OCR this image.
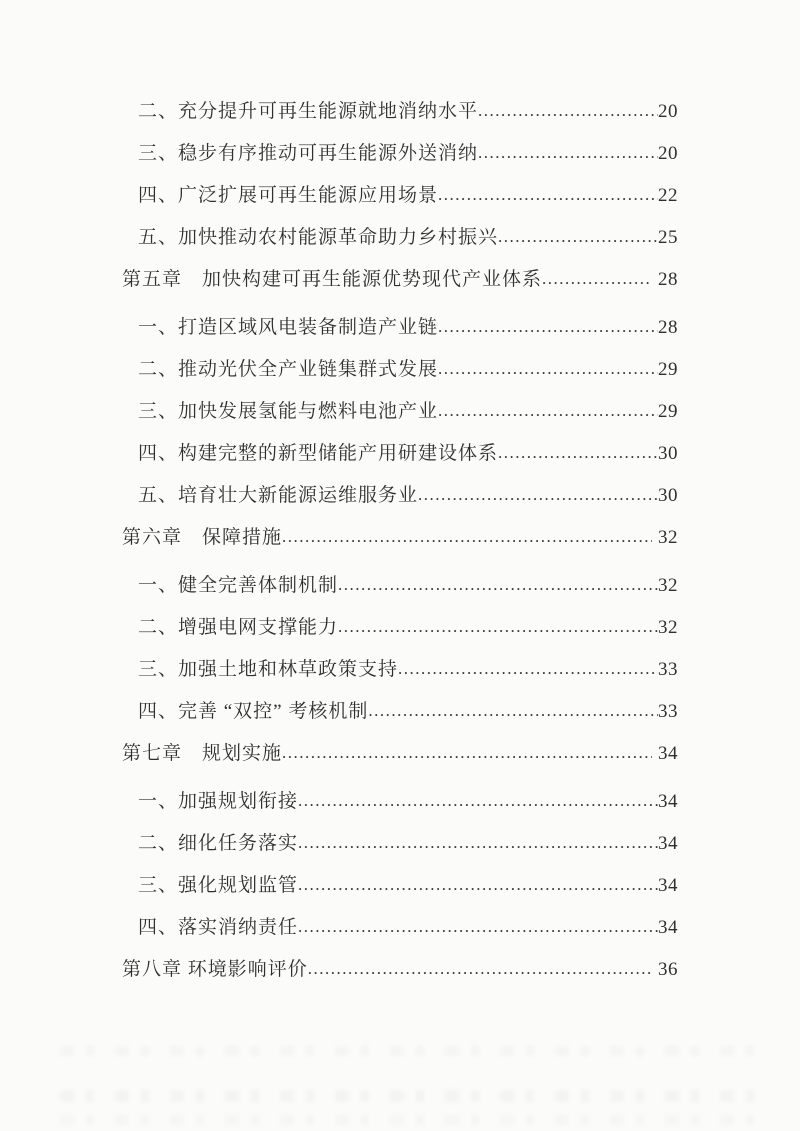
二、充分提升可再生能源就地消纳水平 .....	20
三、稳步有序推动可再生能源外送消纳 .....	20
四、广泛扩展可再生能源应用场景 .....	22
五、加快推动农村能源革命助力乡村振兴 .....	25
第五章　加快构建可再生能源优势现代产业体系 .....	28
一、打造区域风电装备制造产业链 .....	28
二、推动光伏全产业链集群式发展 .....	29
三、加快发展氢能与燃料电池产业 .....	29
四、构建完整的新型储能产用研建设体系 .....	30
五、培育壮大新能源运维服务业 .....	30
第六章　保障措施 .....	32
一、健全完善体制机制 .....	32
二、增强电网支撑能力 .....	32
三、加强土地和林草政策支持 .....	33
四、完善 “双控” 考核机制 .....	33
第七章　规划实施 .....	34
一、加强规划衔接 .....	34
二、细化任务落实 .....	34
三、强化规划监管 .....	34
四、落实消纳责任 .....	34
第八章 环境影响评价 .....	36
